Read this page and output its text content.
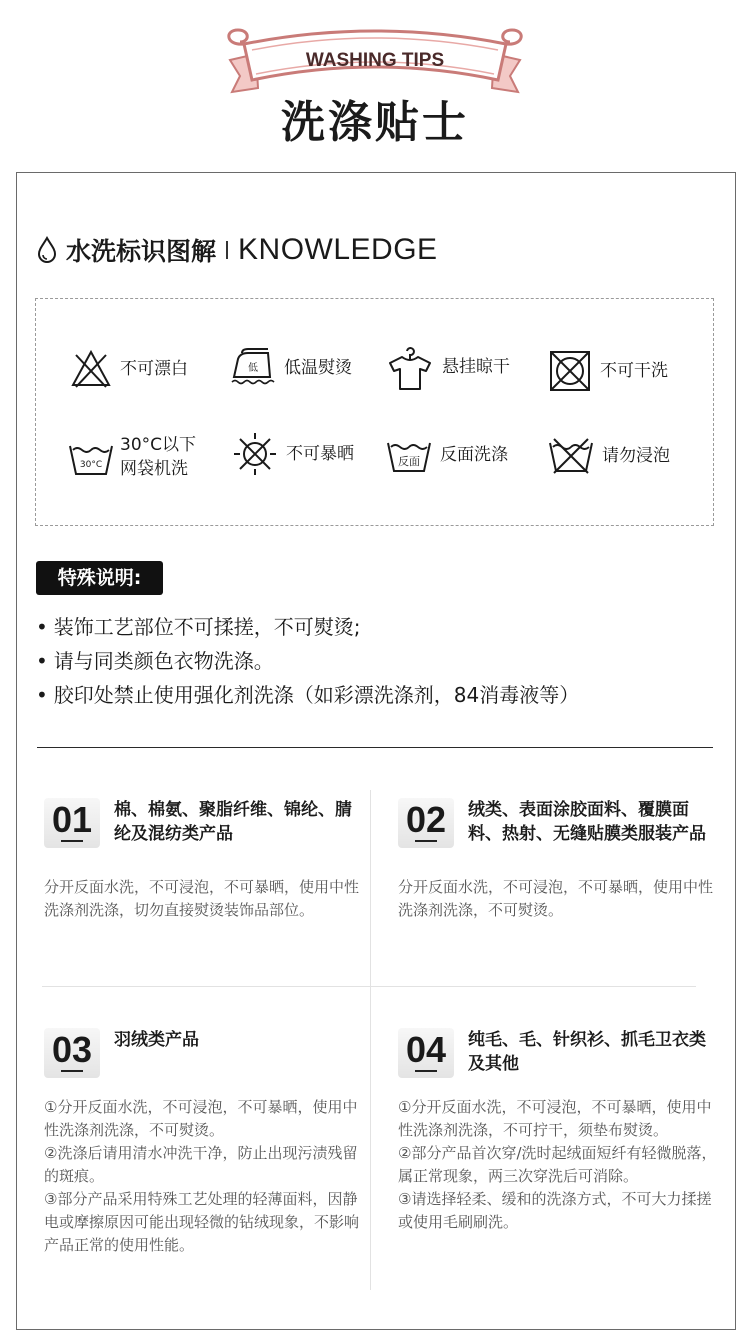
WASHING TIPS
洗涤贴士
水洗标识图解 KNOWLEDGE
不可漂白	低 低温熨烫	悬挂晾干	不可干洗
30°C
30°C以下
网袋机洗
不可暴晒	反面 反面洗涤	请勿浸泡
特殊说明:
• 装饰工艺部位不可揉搓，不可熨烫;
• 请与同类颜色衣物洗涤。
• 胶印处禁止使用强化剂洗涤（如彩漂洗涤剂，84消毒液等）
01	棉、棉氨、聚脂纤维、锦纶、腈纶及混纺类产品

分开反面水洗，不可浸泡，不可暴晒，使用中性洗涤剂洗涤，切勿直接熨烫装饰品部位。

02	绒类、表面涂胶面料、覆膜面料、热射、无缝贴膜类服装产品

分开反面水洗，不可浸泡，不可暴晒，使用中性洗涤剂洗涤，不可熨烫。

03	羽绒类产品

①分开反面水洗，不可浸泡，不可暴晒，使用中性洗涤剂洗涤，不可熨烫。

②洗涤后请用清水冲洗干净，防止出现污渍残留的斑痕。

③部分产品采用特殊工艺处理的轻薄面料，因静电或摩擦原因可能出现轻微的钻绒现象，不影响产品正常的使用性能。

04	纯毛、毛、针织衫、抓毛卫衣类及其他

①分开反面水洗，不可浸泡，不可暴晒，使用中性洗涤剂洗涤，不可拧干，须垫布熨烫。

②部分产品首次穿/洗时起绒面短纤有轻微脱落，属正常现象，两三次穿洗后可消除。

③请选择轻柔、缓和的洗涤方式，不可大力揉搓或使用毛刷刷洗。
